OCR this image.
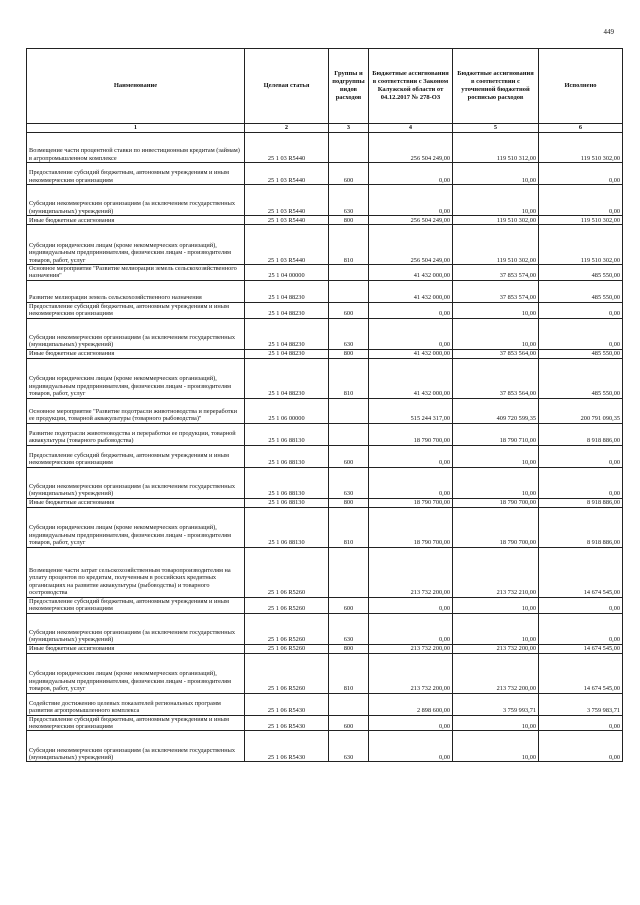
449
Наименование	Целевая статья	Группы и подгруппы видов расходов	Бюджетные ассигнования в соответствии с Законом Калужской области от 04.12.2017 № 278-ОЗ	Бюджетные ассигнования в соответствии с уточненной бюджетной росписью расходов	Исполнено
1	2	3	4	5	6
Возмещение части процентной ставки по инвестиционным кредитам (займам) в агропромышленном комплексе	25 1 03 R5440		256 504 249,00	119 510 312,00	119 510 302,00
Предоставление субсидий бюджетным, автономным учреждениям и иным некоммерческим организациям	25 1 03 R5440	600	0,00	10,00	0,00
Субсидии некоммерческим организациям (за исключением государственных (муниципальных) учреждений)	25 1 03 R5440	630	0,00	10,00	0,00
Иные бюджетные ассигнования	25 1 03 R5440	800	256 504 249,00	119 510 302,00	119 510 302,00
Субсидии юридическим лицам (кроме некоммерческих организаций), индивидуальным предпринимателям, физическим лицам - производителям товаров, работ, услуг	25 1 03 R5440	810	256 504 249,00	119 510 302,00	119 510 302,00
Основное мероприятие "Развитие мелиорации земель сельскохозяйственного назначения"	25 1 04 00000		41 432 000,00	37 853 574,00	485 550,00
Развитие мелиорации земель сельскохозяйственного назначения	25 1 04 88230		41 432 000,00	37 853 574,00	485 550,00
Предоставление субсидий бюджетным, автономным учреждениям и иным некоммерческим организациям	25 1 04 88230	600	0,00	10,00	0,00
Субсидии некоммерческим организациям (за исключением государственных (муниципальных) учреждений)	25 1 04 88230	630	0,00	10,00	0,00
Иные бюджетные ассигнования	25 1 04 88230	800	41 432 000,00	37 853 564,00	485 550,00
Субсидии юридическим лицам (кроме некоммерческих организаций), индивидуальным предпринимателям, физическим лицам - производителям товаров, работ, услуг	25 1 04 88230	810	41 432 000,00	37 853 564,00	485 550,00
Основное мероприятие "Развитие подотрасли животноводства и переработки ее продукции, товарной аквакультуры (товарного рыбоводства)"	25 1 06 00000		515 244 317,00	409 720 599,35	200 791 090,35
Развитие подотрасли животноводства и переработки ее продукции, товарной аквакультуры (товарного рыбоводства)	25 1 06 88130		18 790 700,00	18 790 710,00	8 918 886,00
Предоставление субсидий бюджетным, автономным учреждениям и иным некоммерческим организациям	25 1 06 88130	600	0,00	10,00	0,00
Субсидии некоммерческим организациям (за исключением государственных (муниципальных) учреждений)	25 1 06 88130	630	0,00	10,00	0,00
Иные бюджетные ассигнования	25 1 06 88130	800	18 790 700,00	18 790 700,00	8 918 886,00
Субсидии юридическим лицам (кроме некоммерческих организаций), индивидуальным предпринимателям, физическим лицам - производителям товаров, работ, услуг	25 1 06 88130	810	18 790 700,00	18 790 700,00	8 918 886,00
Возмещение части затрат сельскохозяйственным товаропроизводителям на уплату процентов по кредитам, полученным в российских кредитных организациях на развитие аквакультуры (рыбоводства) и товарного осетроводства	25 1 06 R5260		213 732 200,00	213 732 210,00	14 674 545,00
Предоставление субсидий бюджетным, автономным учреждениям и иным некоммерческим организациям	25 1 06 R5260	600	0,00	10,00	0,00
Субсидии некоммерческим организациям (за исключением государственных (муниципальных) учреждений)	25 1 06 R5260	630	0,00	10,00	0,00
Иные бюджетные ассигнования	25 1 06 R5260	800	213 732 200,00	213 732 200,00	14 674 545,00
Субсидии юридическим лицам (кроме некоммерческих организаций), индивидуальным предпринимателям, физическим лицам - производителям товаров, работ, услуг	25 1 06 R5260	810	213 732 200,00	213 732 200,00	14 674 545,00
Содействие достижению целевых показателей региональных программ развития агропромышленного комплекса	25 1 06 R5430		2 898 600,00	3 759 993,71	3 759 983,71
Предоставление субсидий бюджетным, автономным учреждениям и иным некоммерческим организациям	25 1 06 R5430	600	0,00	10,00	0,00
Субсидии некоммерческим организациям (за исключением государственных (муниципальных) учреждений)	25 1 06 R5430	630	0,00	10,00	0,00
